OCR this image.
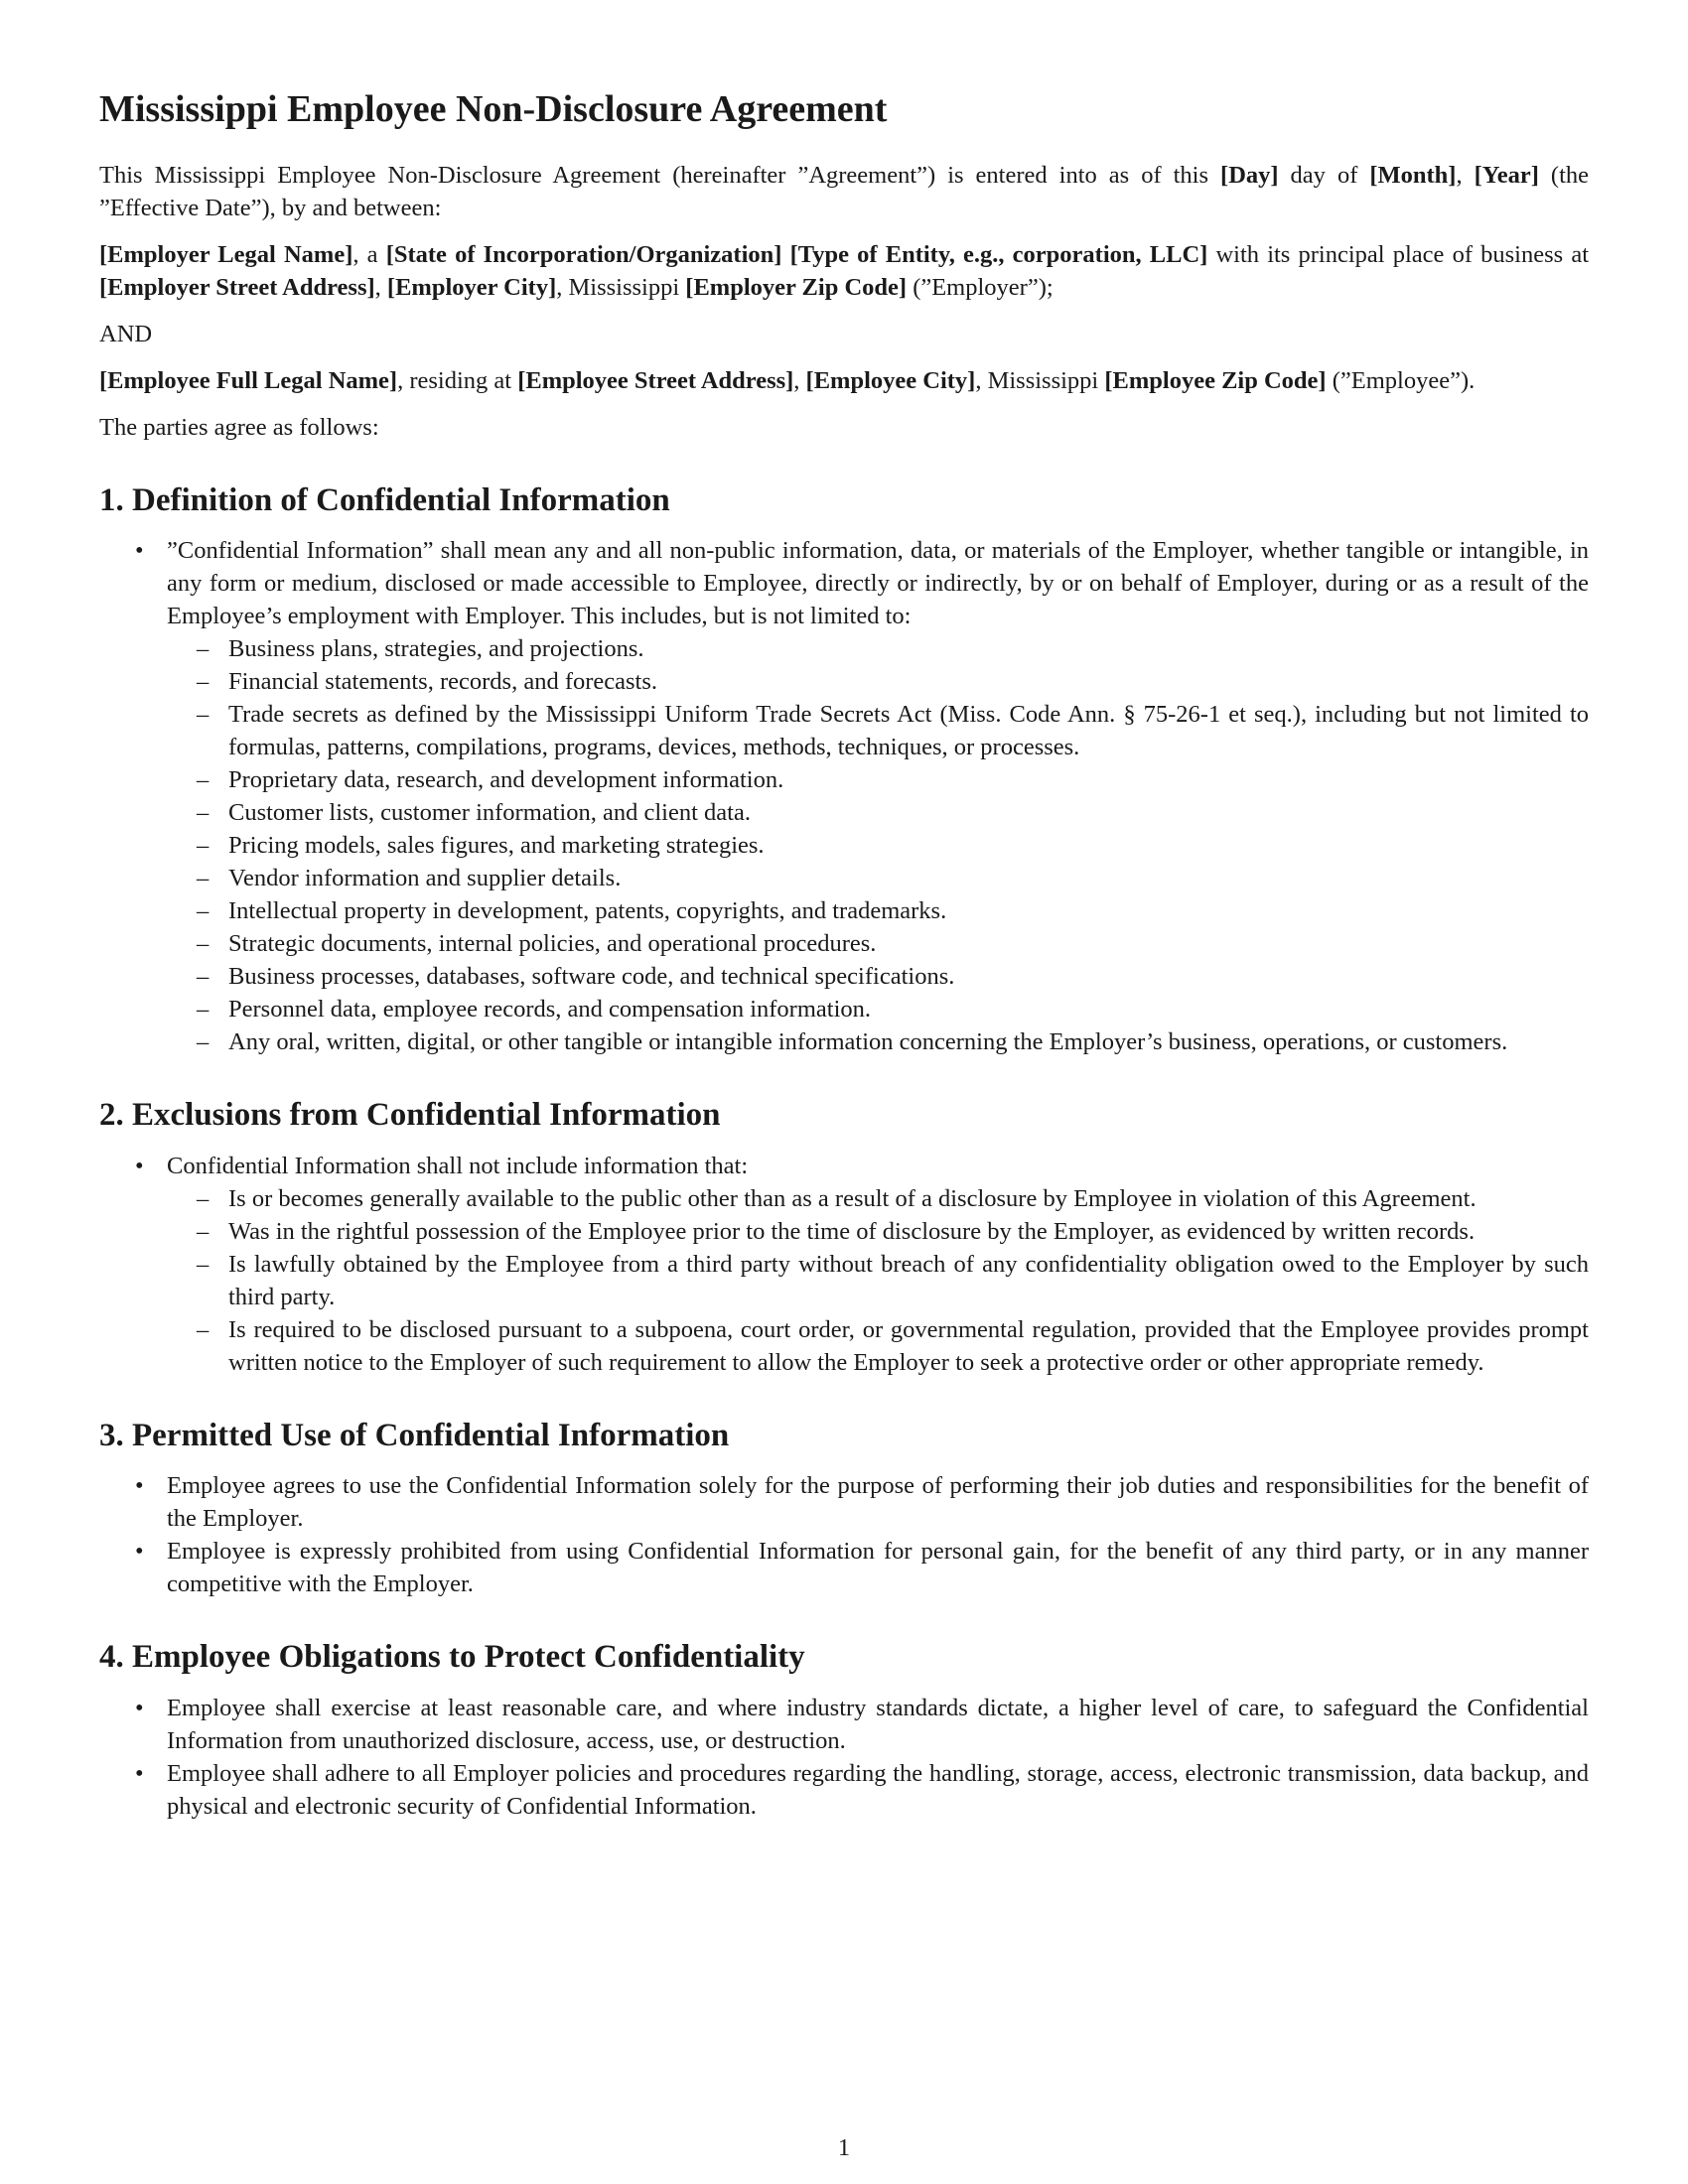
Mississippi Employee Non-Disclosure Agreement

This Mississippi Employee Non-Disclosure Agreement (hereinafter ”Agreement”) is entered into as of this [Day] day of [Month], [Year] (the ”Effective Date”), by and between:

[Employer Legal Name], a [State of Incorporation/Organization] [Type of Entity, e.g., corporation, LLC] with its principal place of business at [Employer Street Address], [Employer City], Mississippi [Employer Zip Code] (”Employer”);

AND

[Employee Full Legal Name], residing at [Employee Street Address], [Employee City], Mississippi [Employee Zip Code] (”Employee”).

The parties agree as follows:

1. Definition of Confidential Information
• ”Confidential Information” shall mean any and all non-public information, data, or materials of the Employer, whether tangible or intangible, in any form or medium, disclosed or made accessible to Employee, directly or indirectly, by or on behalf of Employer, during or as a result of the Employee’s employment with Employer. This includes, but is not limited to:
– Business plans, strategies, and projections.
– Financial statements, records, and forecasts.
– Trade secrets as defined by the Mississippi Uniform Trade Secrets Act (Miss. Code Ann. § 75-26-1 et seq.), including but not limited to formulas, patterns, compilations, programs, devices, methods, techniques, or processes.
– Proprietary data, research, and development information.
– Customer lists, customer information, and client data.
– Pricing models, sales figures, and marketing strategies.
– Vendor information and supplier details.
– Intellectual property in development, patents, copyrights, and trademarks.
– Strategic documents, internal policies, and operational procedures.
– Business processes, databases, software code, and technical specifications.
– Personnel data, employee records, and compensation information.
– Any oral, written, digital, or other tangible or intangible information concerning the Employer’s business, operations, or customers.
2. Exclusions from Confidential Information
• Confidential Information shall not include information that:
– Is or becomes generally available to the public other than as a result of a disclosure by Employee in violation of this Agreement.
– Was in the rightful possession of the Employee prior to the time of disclosure by the Employer, as evidenced by written records.
– Is lawfully obtained by the Employee from a third party without breach of any confidentiality obligation owed to the Employer by such third party.
– Is required to be disclosed pursuant to a subpoena, court order, or governmental regulation, provided that the Employee provides prompt written notice to the Employer of such requirement to allow the Employer to seek a protective order or other appropriate remedy.
3. Permitted Use of Confidential Information
• Employee agrees to use the Confidential Information solely for the purpose of performing their job duties and responsibilities for the benefit of the Employer.
• Employee is expressly prohibited from using Confidential Information for personal gain, for the benefit of any third party, or in any manner competitive with the Employer.
4. Employee Obligations to Protect Confidentiality
• Employee shall exercise at least reasonable care, and where industry standards dictate, a higher level of care, to safeguard the Confidential Information from unauthorized disclosure, access, use, or destruction.
• Employee shall adhere to all Employer policies and procedures regarding the handling, storage, access, electronic transmission, data backup, and physical and electronic security of Confidential Information.
1
